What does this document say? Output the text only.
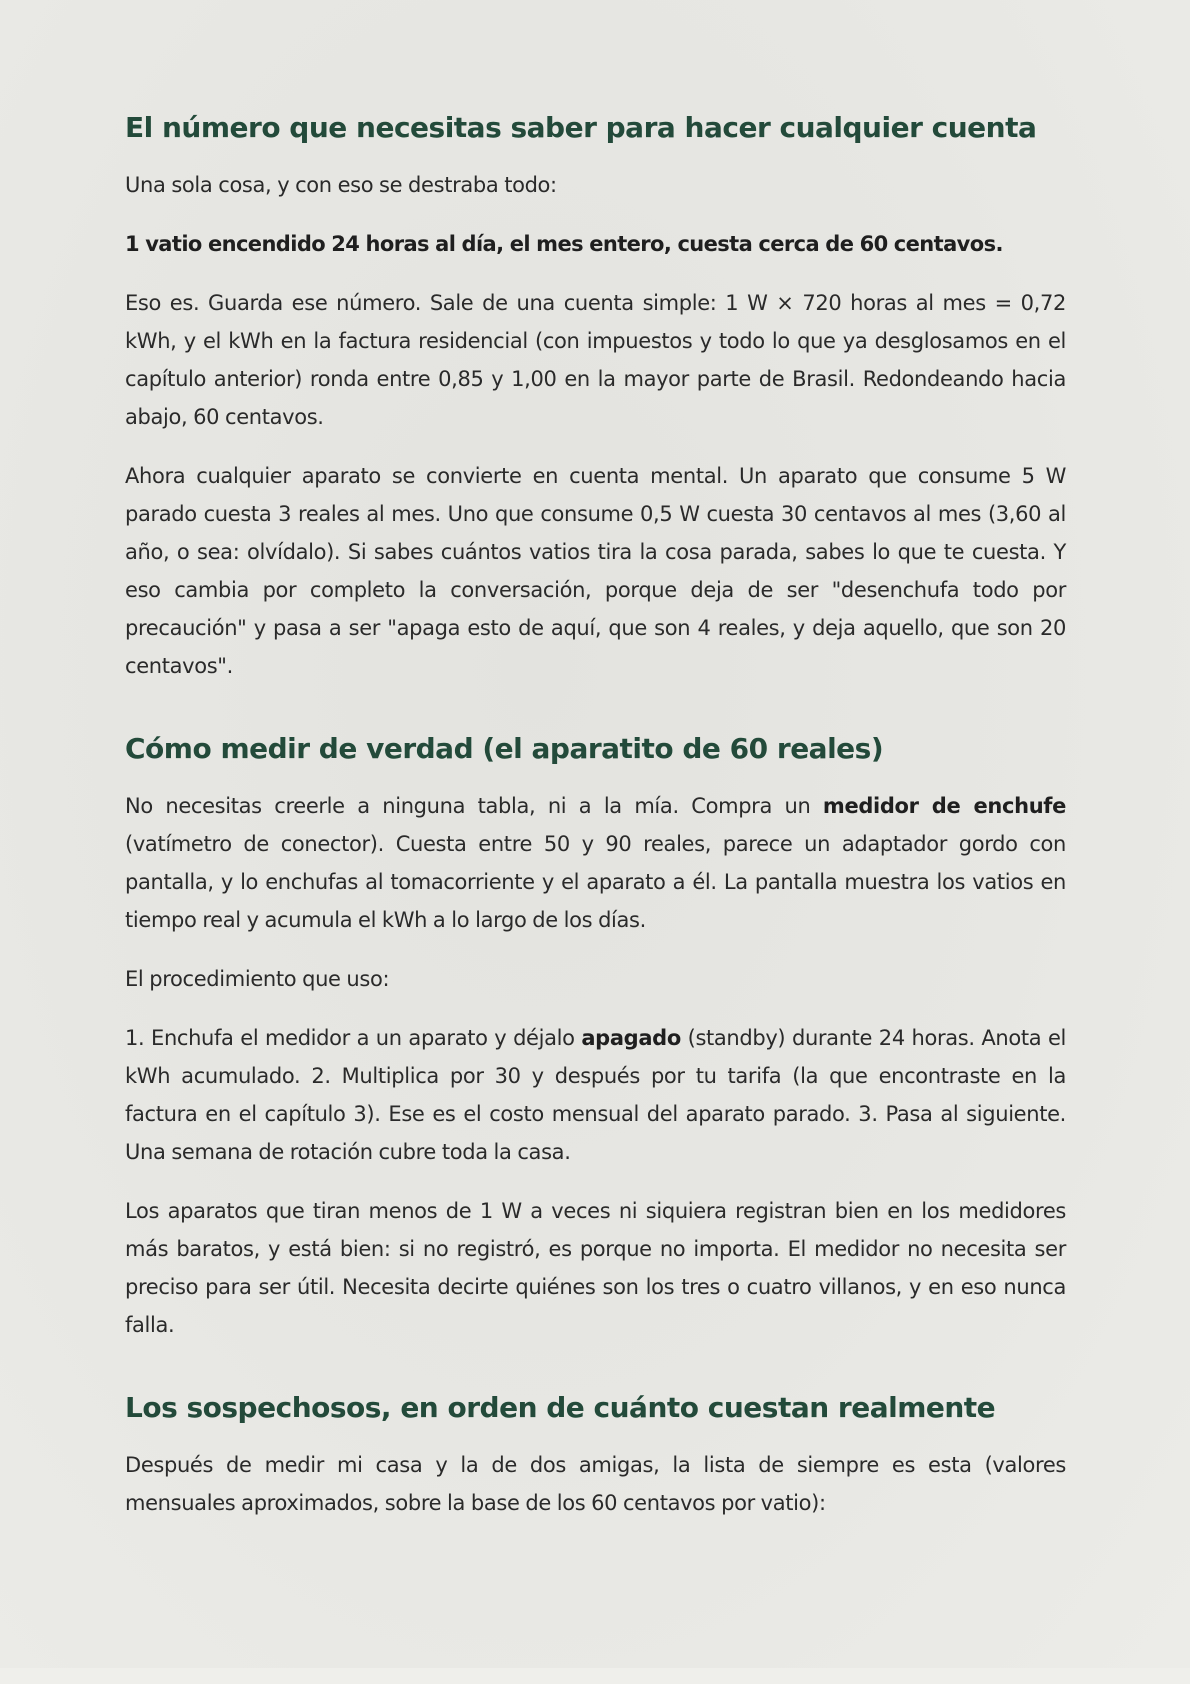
El número que necesitas saber para hacer cualquier cuenta

Una sola cosa, y con eso se destraba todo:

1 vatio encendido 24 horas al día, el mes entero, cuesta cerca de 60 centavos.

Eso es. Guarda ese número. Sale de una cuenta simple: 1 W × 720 horas al mes = 0,72 kWh, y el kWh en la factura residencial (con impuestos y todo lo que ya desglosamos en el capítulo anterior) ronda entre 0,85 y 1,00 en la mayor parte de Brasil. Redondeando hacia abajo, 60 centavos.

Ahora cualquier aparato se convierte en cuenta mental. Un aparato que consume 5 W parado cuesta 3 reales al mes. Uno que consume 0,5 W cuesta 30 centavos al mes (3,60 al año, o sea: olvídalo). Si sabes cuántos vatios tira la cosa parada, sabes lo que te cuesta. Y eso cambia por completo la conversación, porque deja de ser "desenchufa todo por precaución" y pasa a ser "apaga esto de aquí, que son 4 reales, y deja aquello, que son 20 centavos".

Cómo medir de verdad (el aparatito de 60 reales)

No necesitas creerle a ninguna tabla, ni a la mía. Compra un medidor de enchufe (vatímetro de conector). Cuesta entre 50 y 90 reales, parece un adaptador gordo con pantalla, y lo enchufas al tomacorriente y el aparato a él. La pantalla muestra los vatios en tiempo real y acumula el kWh a lo largo de los días.

El procedimiento que uso:

1. Enchufa el medidor a un aparato y déjalo apagado (standby) durante 24 horas. Anota el kWh acumulado. 2. Multiplica por 30 y después por tu tarifa (la que encontraste en la factura en el capítulo 3). Ese es el costo mensual del aparato parado. 3. Pasa al siguiente. Una semana de rotación cubre toda la casa.

Los aparatos que tiran menos de 1 W a veces ni siquiera registran bien en los medidores más baratos, y está bien: si no registró, es porque no importa. El medidor no necesita ser preciso para ser útil. Necesita decirte quiénes son los tres o cuatro villanos, y en eso nunca falla.

Los sospechosos, en orden de cuánto cuestan realmente

Después de medir mi casa y la de dos amigas, la lista de siempre es esta (valores mensuales aproximados, sobre la base de los 60 centavos por vatio):
